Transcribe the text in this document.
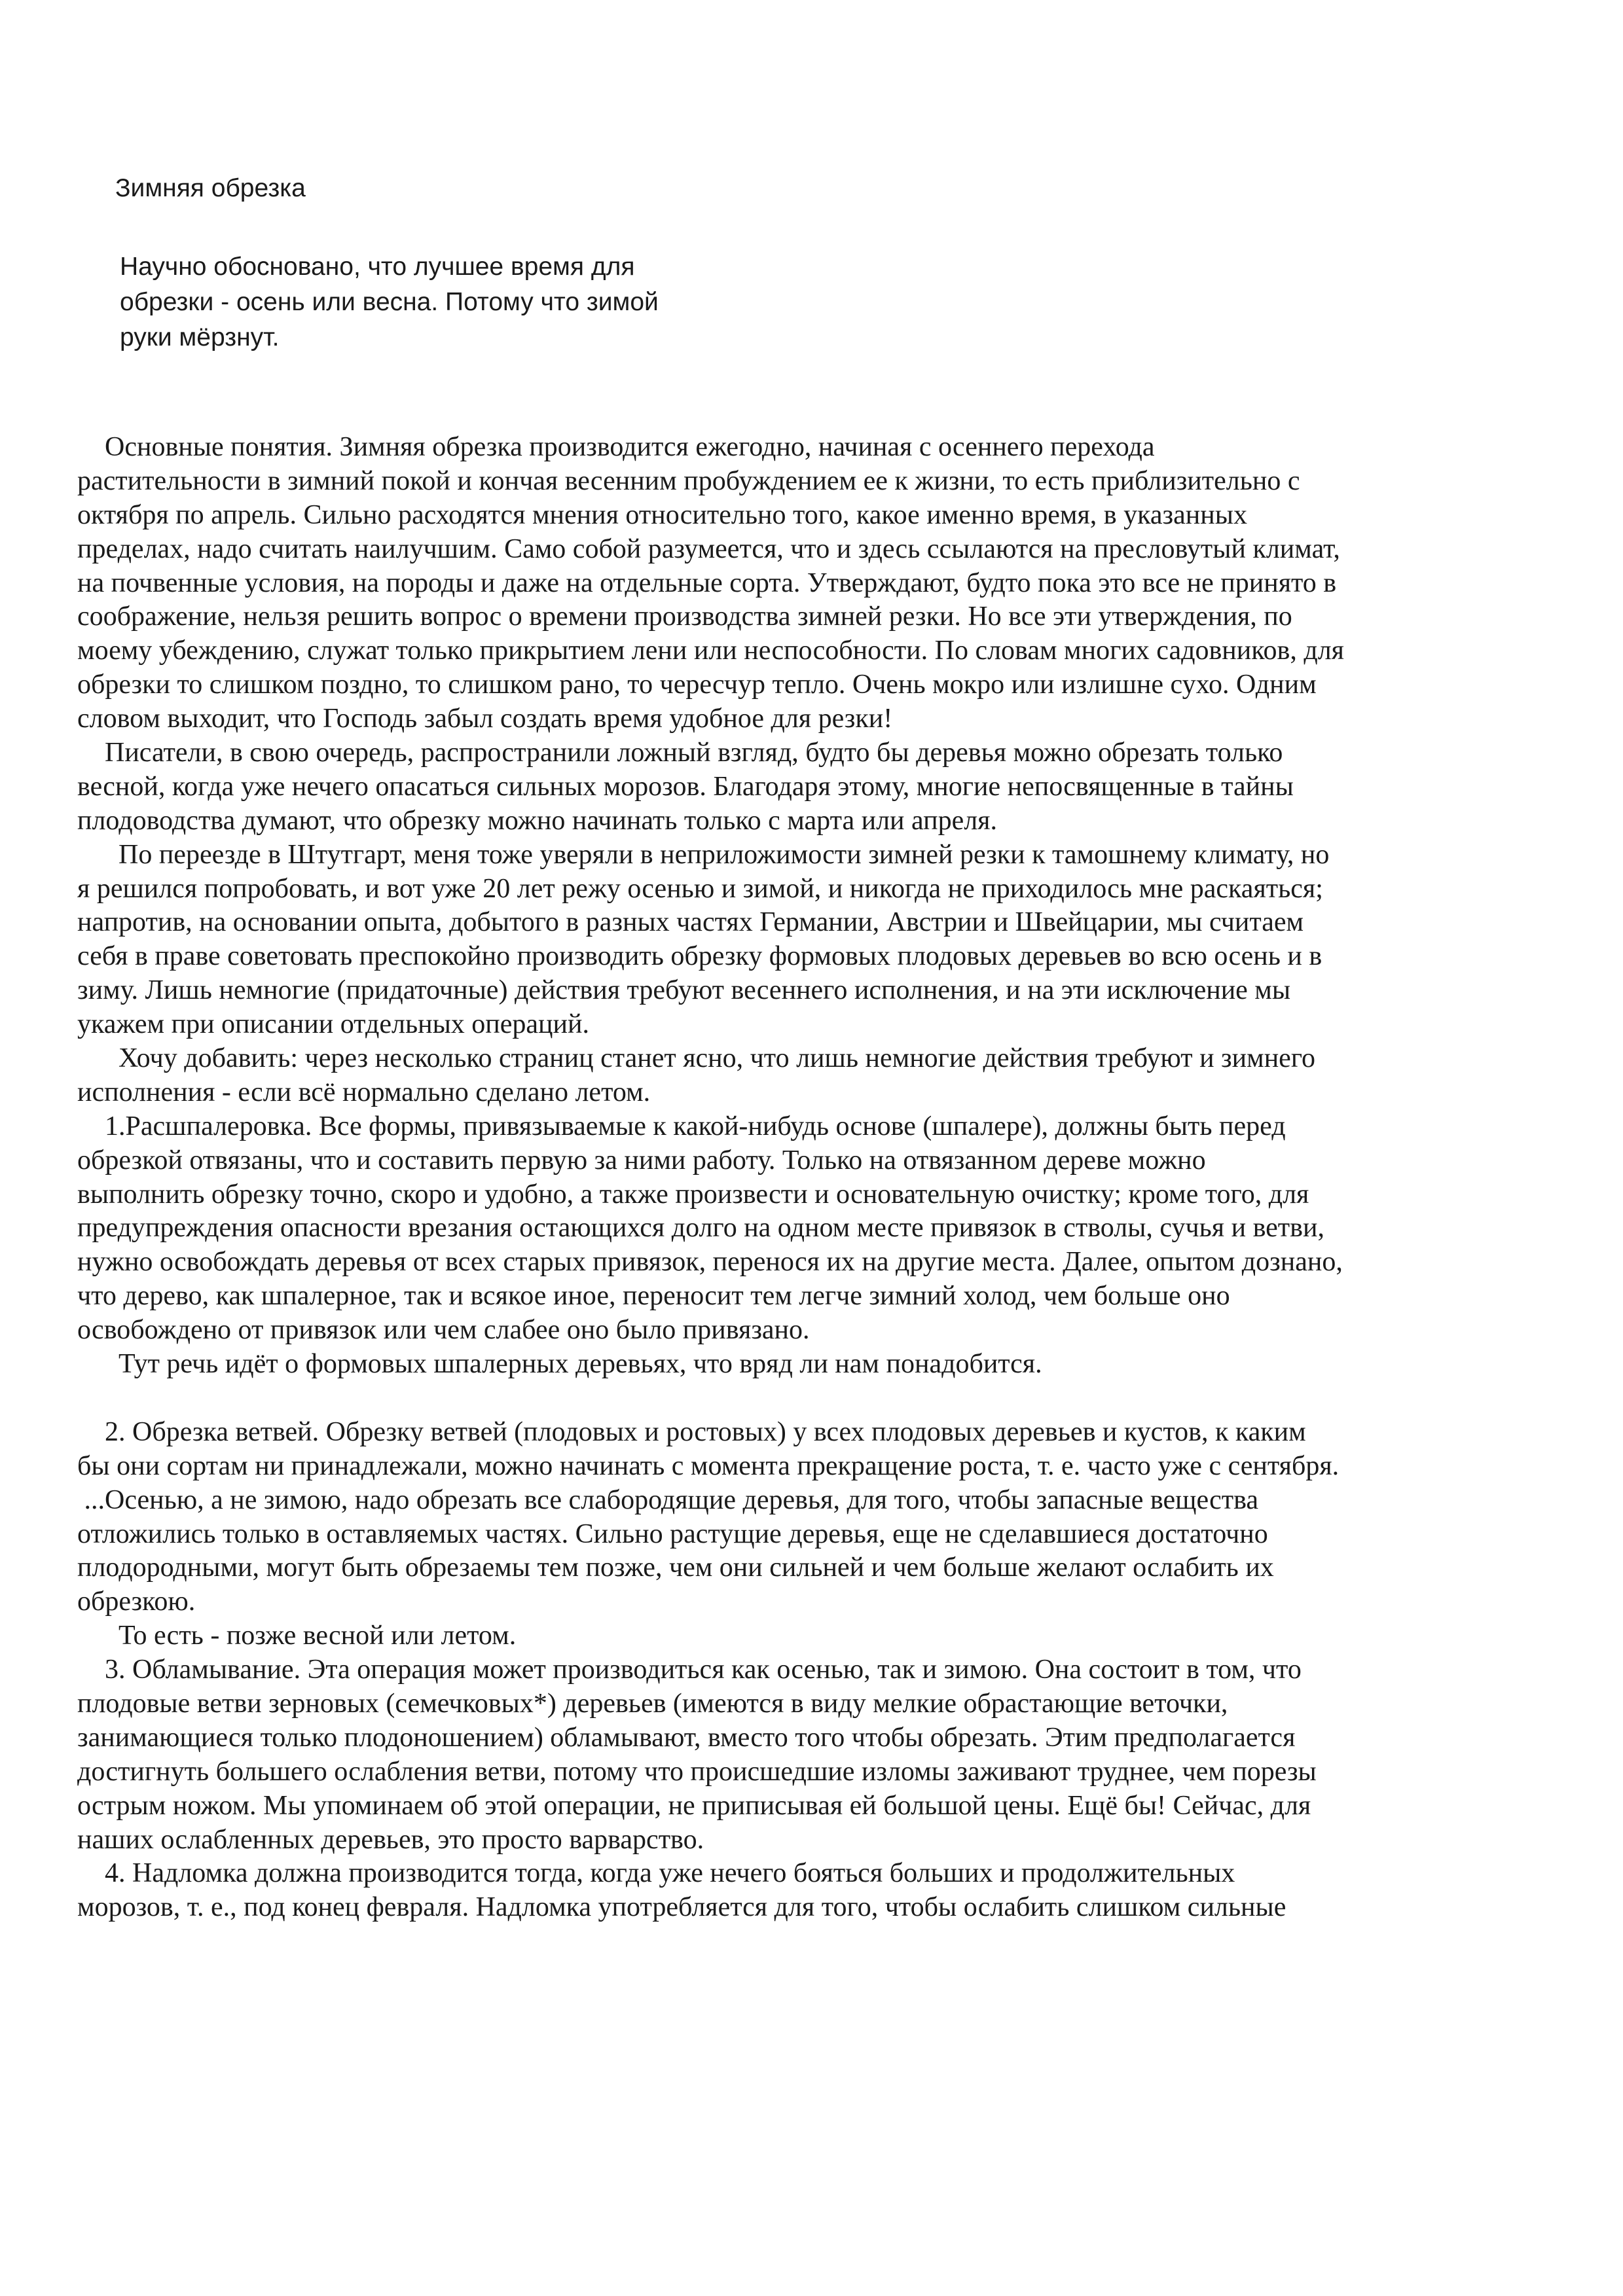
Зимняя обрезка
Научно обосновано, что лучшее время для
обрезки - осень или весна. Потому что зимой
руки мёрзнут.
Основные понятия. Зимняя обрезка производится ежегодно, начиная с осеннего перехода
растительности в зимний покой и кончая весенним пробуждением ее к жизни, то есть приблизительно с
октября по апрель. Сильно расходятся мнения относительно того, какое именно время, в указанных
пределах, надо считать наилучшим. Само собой разумеется, что и здесь ссылаются на пресловутый климат,
на почвенные условия, на породы и даже на отдельные сорта. Утверждают, будто пока это все не принято в
соображение, нельзя решить вопрос о времени производства зимней резки. Но все эти утверждения, по
моему убеждению, служат только прикрытием лени или неспособности. По словам многих садовников, для
обрезки то слишком поздно, то слишком рано, то чересчур тепло. Очень мокро или излишне сухо. Одним
словом выходит, что Господь забыл создать время удобное для резки!
Писатели, в свою очередь, распространили ложный взгляд, будто бы деревья можно обрезать только
весной, когда уже нечего опасаться сильных морозов. Благодаря этому, многие непосвященные в тайны
плодоводства думают, что обрезку можно начинать только с марта или апреля.
По переезде в Штутгарт, меня тоже уверяли в неприложимости зимней резки к тамошнему климату, но
я решился попробовать, и вот уже 20 лет режу осенью и зимой, и никогда не приходилось мне раскаяться;
напротив, на основании опыта, добытого в разных частях Германии, Австрии и Швейцарии, мы считаем
себя в праве советовать преспокойно производить обрезку формовых плодовых деревьев во всю осень и в
зиму. Лишь немногие (придаточные) действия требуют весеннего исполнения, и на эти исключение мы
укажем при описании отдельных операций.
Хочу добавить: через несколько страниц станет ясно, что лишь немногие действия требуют и зимнего
исполнения - если всё нормально сделано летом.
1.Расшпалеровка. Все формы, привязываемые к какой-нибудь основе (шпалере), должны быть перед
обрезкой отвязаны, что и составить первую за ними работу. Только на отвязанном дереве можно
выполнить обрезку точно, скоро и удобно, а также произвести и основательную очистку; кроме того, для
предупреждения опасности врезания остающихся долго на одном месте привязок в стволы, сучья и ветви,
нужно освобождать деревья от всех старых привязок, перенося их на другие места. Далее, опытом дознано,
что дерево, как шпалерное, так и всякое иное, переносит тем легче зимний холод, чем больше оно
освобождено от привязок или чем слабее оно было привязано.
Тут речь идёт о формовых шпалерных деревьях, что вряд ли нам понадобится.
2. Обрезка ветвей. Обрезку ветвей (плодовых и ростовых) у всех плодовых деревьев и кустов, к каким
бы они сортам ни принадлежали, можно начинать с момента прекращение роста, т. е. часто уже с сентября.
...Осенью, а не зимою, надо обрезать все слабородящие деревья, для того, чтобы запасные вещества
отложились только в оставляемых частях. Сильно растущие деревья, еще не сделавшиеся достаточно
плодородными, могут быть обрезаемы тем позже, чем они сильней и чем больше желают ослабить их
обрезкою.
То есть - позже весной или летом.
3. Обламывание. Эта операция может производиться как осенью, так и зимою. Она состоит в том, что
плодовые ветви зерновых (семечковых*) деревьев (имеются в виду мелкие обрастающие веточки,
занимающиеся только плодоношением) обламывают, вместо того чтобы обрезать. Этим предполагается
достигнуть большего ослабления ветви, потому что происшедшие изломы заживают труднее, чем порезы
острым ножом. Мы упоминаем об этой операции, не приписывая ей большой цены. Ещё бы! Сейчас, для
наших ослабленных деревьев, это просто варварство.
4. Надломка должна производится тогда, когда уже нечего бояться больших и продолжительных
морозов, т. е., под конец февраля. Надломка употребляется для того, чтобы ослабить слишком сильные
